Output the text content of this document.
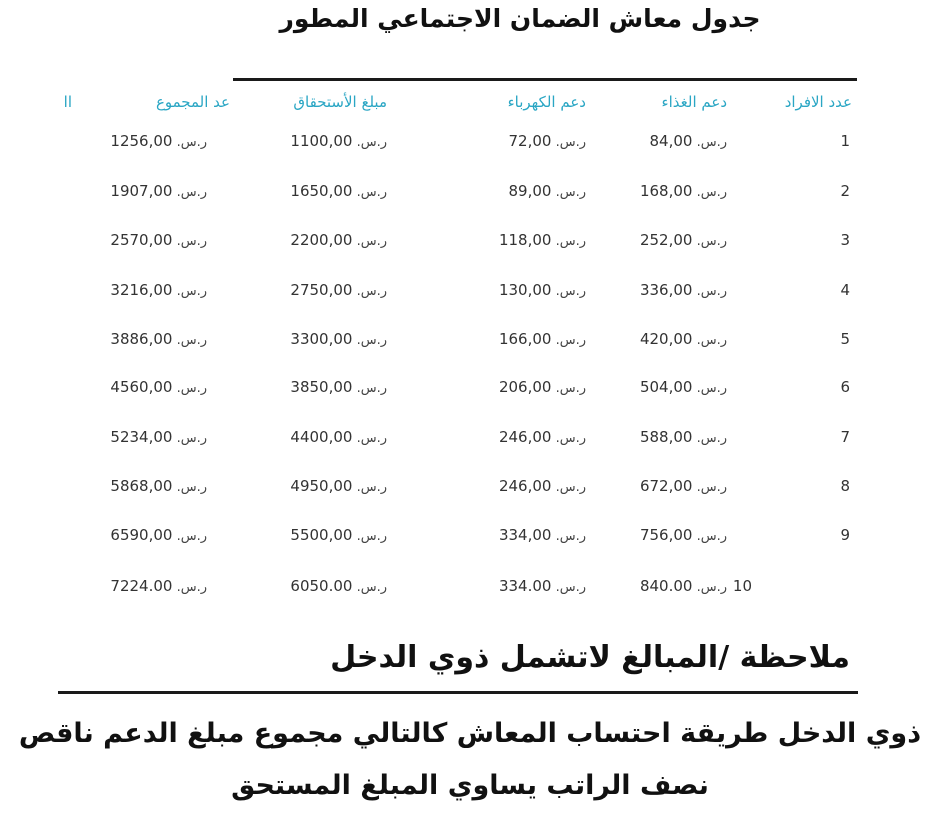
جدول معاش الضمان الاجتماعي المطور
عدد الافراد
دعم الغذاء
دعم الكهرباء
مبلغ الأستحقاق
عد المجموع
اا
1
ر.س. 84,00
ر.س. 72,00
ر.س. 1100,00
ر.س. 1256,00
2
ر.س. 168,00
ر.س. 89,00
ر.س. 1650,00
ر.س. 1907,00
3
ر.س. 252,00
ر.س. 118,00
ر.س. 2200,00
ر.س. 2570,00
4
ر.س. 336,00
ر.س. 130,00
ر.س. 2750,00
ر.س. 3216,00
5
ر.س. 420,00
ر.س. 166,00
ر.س. 3300,00
ر.س. 3886,00
6
ر.س. 504,00
ر.س. 206,00
ر.س. 3850,00
ر.س. 4560,00
7
ر.س. 588,00
ر.س. 246,00
ر.س. 4400,00
ر.س. 5234,00
8
ر.س. 672,00
ر.س. 246,00
ر.س. 4950,00
ر.س. 5868,00
9
ر.س. 756,00
ر.س. 334,00
ر.س. 5500,00
ر.س. 6590,00
10
ر.س. 840.00
ر.س. 334.00
ر.س. 6050.00
ر.س. 7224.00
ملاحظة /المبالغ لاتشمل ذوي الدخل
ذوي الدخل طريقة احتساب المعاش كالتالي مجموع مبلغ الدعم ناقص نصف الراتب يساوي المبلغ المستحق
